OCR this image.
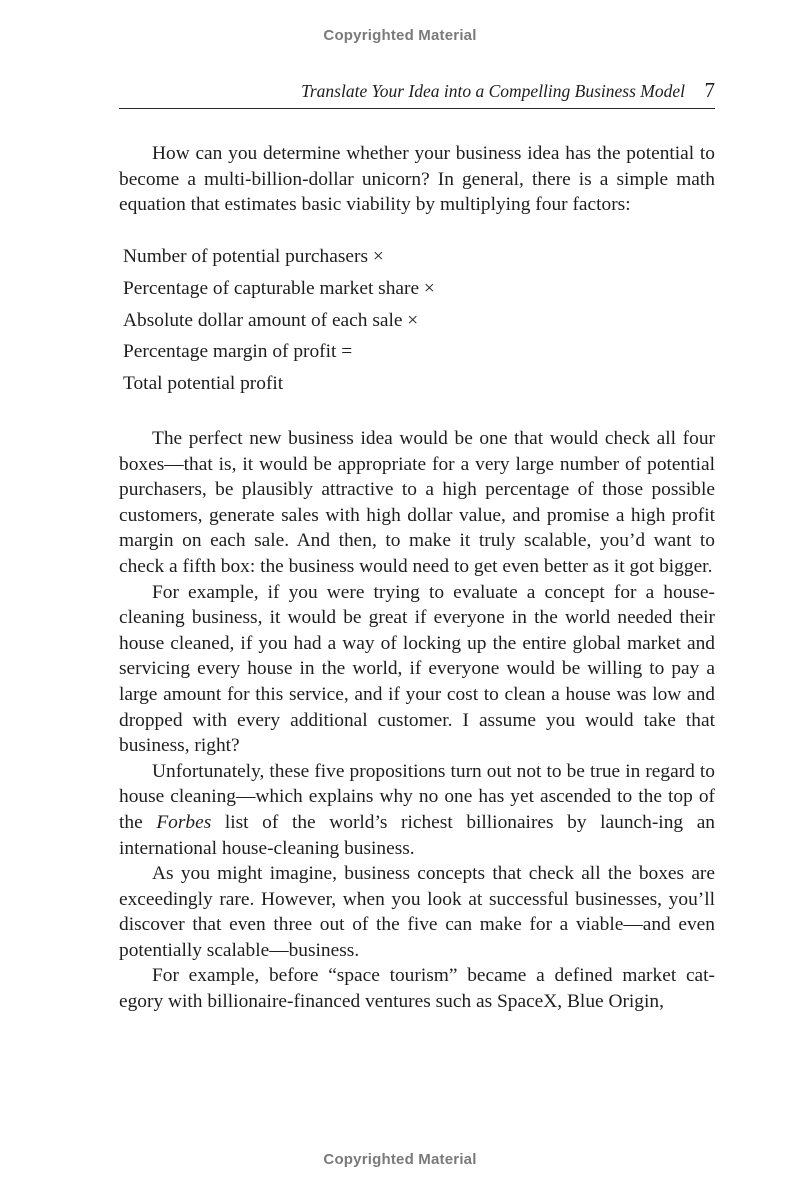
Copyrighted Material
Translate Your Idea into a Compelling Business Model 7

How can you determine whether your business idea has the potential to become a multi-billion-dollar unicorn? In general, there is a simple math equation that estimates basic viability by multiplying four factors:

Number of potential purchasers ×
Percentage of capturable market share ×
Absolute dollar amount of each sale ×
Percentage margin of profit =
Total potential profit

The perfect new business idea would be one that would check all four boxes—that is, it would be appropriate for a very large number of potential purchasers, be plausibly attractive to a high percentage of those possible customers, generate sales with high dollar value, and promise a high profit margin on each sale. And then, to make it truly scalable, you’d want to check a fifth box: the business would need to get even better as it got bigger.

For example, if you were trying to evaluate a concept for a house-cleaning business, it would be great if everyone in the world needed their house cleaned, if you had a way of locking up the entire global market and servicing every house in the world, if everyone would be willing to pay a large amount for this service, and if your cost to clean a house was low and dropped with every additional customer. I assume you would take that business, right?

Unfortunately, these five propositions turn out not to be true in regard to house cleaning—which explains why no one has yet ascended to the top of the Forbes list of the world’s richest billionaires by launch-ing an international house-cleaning business.

As you might imagine, business concepts that check all the boxes are exceedingly rare. However, when you look at successful businesses, you’ll discover that even three out of the five can make for a viable—and even potentially scalable—business.

For example, before “space tourism” became a defined market cat-egory with billionaire-financed ventures such as SpaceX, Blue Origin,

Copyrighted Material
